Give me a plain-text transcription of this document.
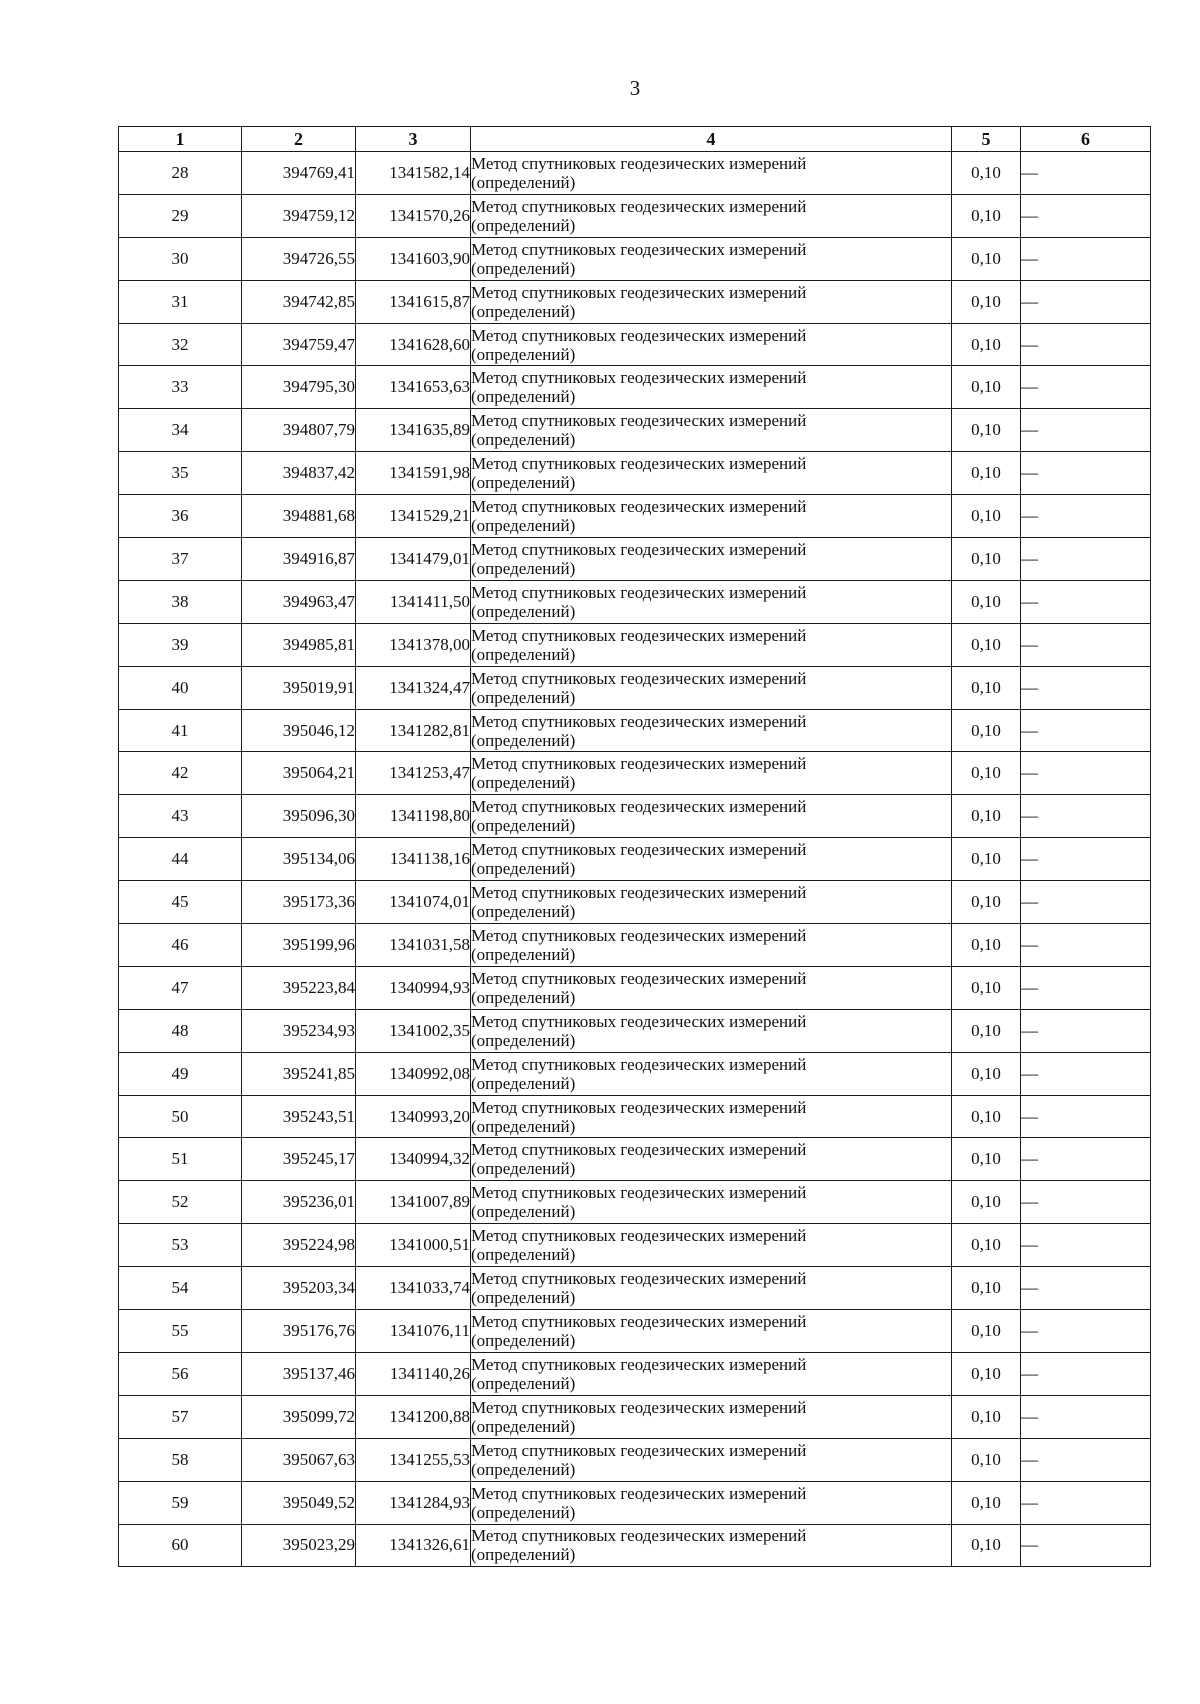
3
1	2	3	4	5	6
28	394769,41	1341582,14	Метод спутниковых геодезических измерений
(определений)	0,10	—
29	394759,12	1341570,26	Метод спутниковых геодезических измерений
(определений)	0,10	—
30	394726,55	1341603,90	Метод спутниковых геодезических измерений
(определений)	0,10	—
31	394742,85	1341615,87	Метод спутниковых геодезических измерений
(определений)	0,10	—
32	394759,47	1341628,60	Метод спутниковых геодезических измерений
(определений)	0,10	—
33	394795,30	1341653,63	Метод спутниковых геодезических измерений
(определений)	0,10	—
34	394807,79	1341635,89	Метод спутниковых геодезических измерений
(определений)	0,10	—
35	394837,42	1341591,98	Метод спутниковых геодезических измерений
(определений)	0,10	—
36	394881,68	1341529,21	Метод спутниковых геодезических измерений
(определений)	0,10	—
37	394916,87	1341479,01	Метод спутниковых геодезических измерений
(определений)	0,10	—
38	394963,47	1341411,50	Метод спутниковых геодезических измерений
(определений)	0,10	—
39	394985,81	1341378,00	Метод спутниковых геодезических измерений
(определений)	0,10	—
40	395019,91	1341324,47	Метод спутниковых геодезических измерений
(определений)	0,10	—
41	395046,12	1341282,81	Метод спутниковых геодезических измерений
(определений)	0,10	—
42	395064,21	1341253,47	Метод спутниковых геодезических измерений
(определений)	0,10	—
43	395096,30	1341198,80	Метод спутниковых геодезических измерений
(определений)	0,10	—
44	395134,06	1341138,16	Метод спутниковых геодезических измерений
(определений)	0,10	—
45	395173,36	1341074,01	Метод спутниковых геодезических измерений
(определений)	0,10	—
46	395199,96	1341031,58	Метод спутниковых геодезических измерений
(определений)	0,10	—
47	395223,84	1340994,93	Метод спутниковых геодезических измерений
(определений)	0,10	—
48	395234,93	1341002,35	Метод спутниковых геодезических измерений
(определений)	0,10	—
49	395241,85	1340992,08	Метод спутниковых геодезических измерений
(определений)	0,10	—
50	395243,51	1340993,20	Метод спутниковых геодезических измерений
(определений)	0,10	—
51	395245,17	1340994,32	Метод спутниковых геодезических измерений
(определений)	0,10	—
52	395236,01	1341007,89	Метод спутниковых геодезических измерений
(определений)	0,10	—
53	395224,98	1341000,51	Метод спутниковых геодезических измерений
(определений)	0,10	—
54	395203,34	1341033,74	Метод спутниковых геодезических измерений
(определений)	0,10	—
55	395176,76	1341076,11	Метод спутниковых геодезических измерений
(определений)	0,10	—
56	395137,46	1341140,26	Метод спутниковых геодезических измерений
(определений)	0,10	—
57	395099,72	1341200,88	Метод спутниковых геодезических измерений
(определений)	0,10	—
58	395067,63	1341255,53	Метод спутниковых геодезических измерений
(определений)	0,10	—
59	395049,52	1341284,93	Метод спутниковых геодезических измерений
(определений)	0,10	—
60	395023,29	1341326,61	Метод спутниковых геодезических измерений
(определений)	0,10	—
